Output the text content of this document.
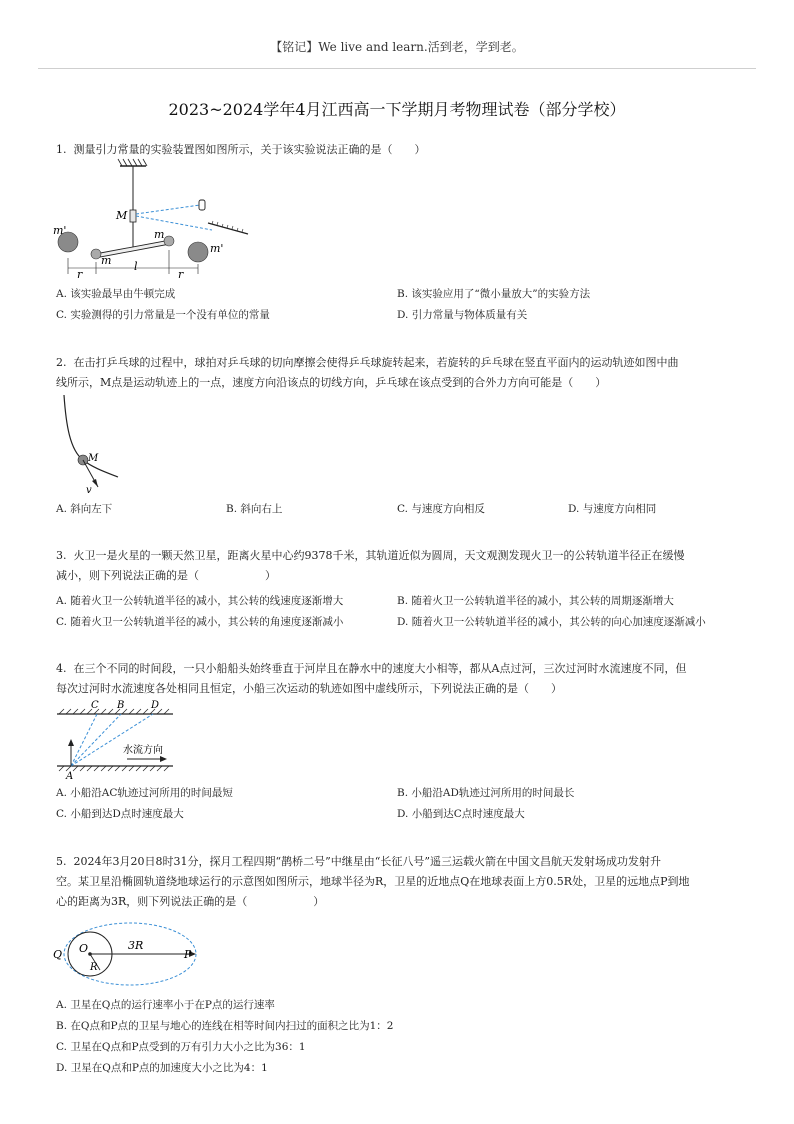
【铭记】We live and learn.活到老，学到老。
2023~2024学年4月江西高一下学期月考物理试卷（部分学校）
1. 测量引力常量的实验装置图如图所示，关于该实验说法正确的是（　　）
M
m'
m'
m
m
r
l
r
A. 该实验最早由牛顿完成	B. 该实验应用了“微小量放大”的实验方法
C. 实验测得的引力常量是一个没有单位的常量	D. 引力常量与物体质量有关
2. 在击打乒乓球的过程中，球拍对乒乓球的切向摩擦会使得乒乓球旋转起来，若旋转的乒乓球在竖直平面内的运动轨迹如图中曲
线所示，M点是运动轨迹上的一点，速度方向沿该点的切线方向，乒乓球在该点受到的合外力方向可能是（　　）
M
v
A. 斜向左下	B. 斜向右上	C. 与速度方向相反	D. 与速度方向相同
3. 火卫一是火星的一颗天然卫星，距离火星中心约9378千米，其轨道近似为圆周，天文观测发现火卫一的公转轨道半径正在缓慢
减小，则下列说法正确的是（　　　　　　）
A. 随着火卫一公转轨道半径的减小，其公转的线速度逐渐增大	B. 随着火卫一公转轨道半径的减小，其公转的周期逐渐增大
C. 随着火卫一公转轨道半径的减小，其公转的角速度逐渐减小	D. 随着火卫一公转轨道半径的减小，其公转的向心加速度逐渐减小
4. 在三个不同的时间段，一只小船船头始终垂直于河岸且在静水中的速度大小相等，都从A点过河，三次过河时水流速度不同，但
每次过河时水流速度各处相同且恒定，小船三次运动的轨迹如图中虚线所示，下列说法正确的是（　　）
C B	D
A
水流方向
A. 小船沿AC轨迹过河所用的时间最短	B. 小船沿AD轨迹过河所用的时间最长
C. 小船到达D点时速度最大	D. 小船到达C点时速度最大
5. 2024年3月20日8时31分，探月工程四期“鹊桥二号”中继星由“长征八号”遥三运载火箭在中国文昌航天发射场成功发射升
空。某卫星沿椭圆轨道绕地球运行的示意图如图所示，地球半径为R，卫星的近地点Q在地球表面上方0.5R处，卫星的远地点P到地
心的距离为3R，则下列说法正确的是（　　　　　　）
Q O
R
3R
P
A. 卫星在Q点的运行速率小于在P点的运行速率
B. 在Q点和P点的卫星与地心的连线在相等时间内扫过的面积之比为1：2
C. 卫星在Q点和P点受到的万有引力大小之比为36：1
D. 卫星在Q点和P点的加速度大小之比为4：1
